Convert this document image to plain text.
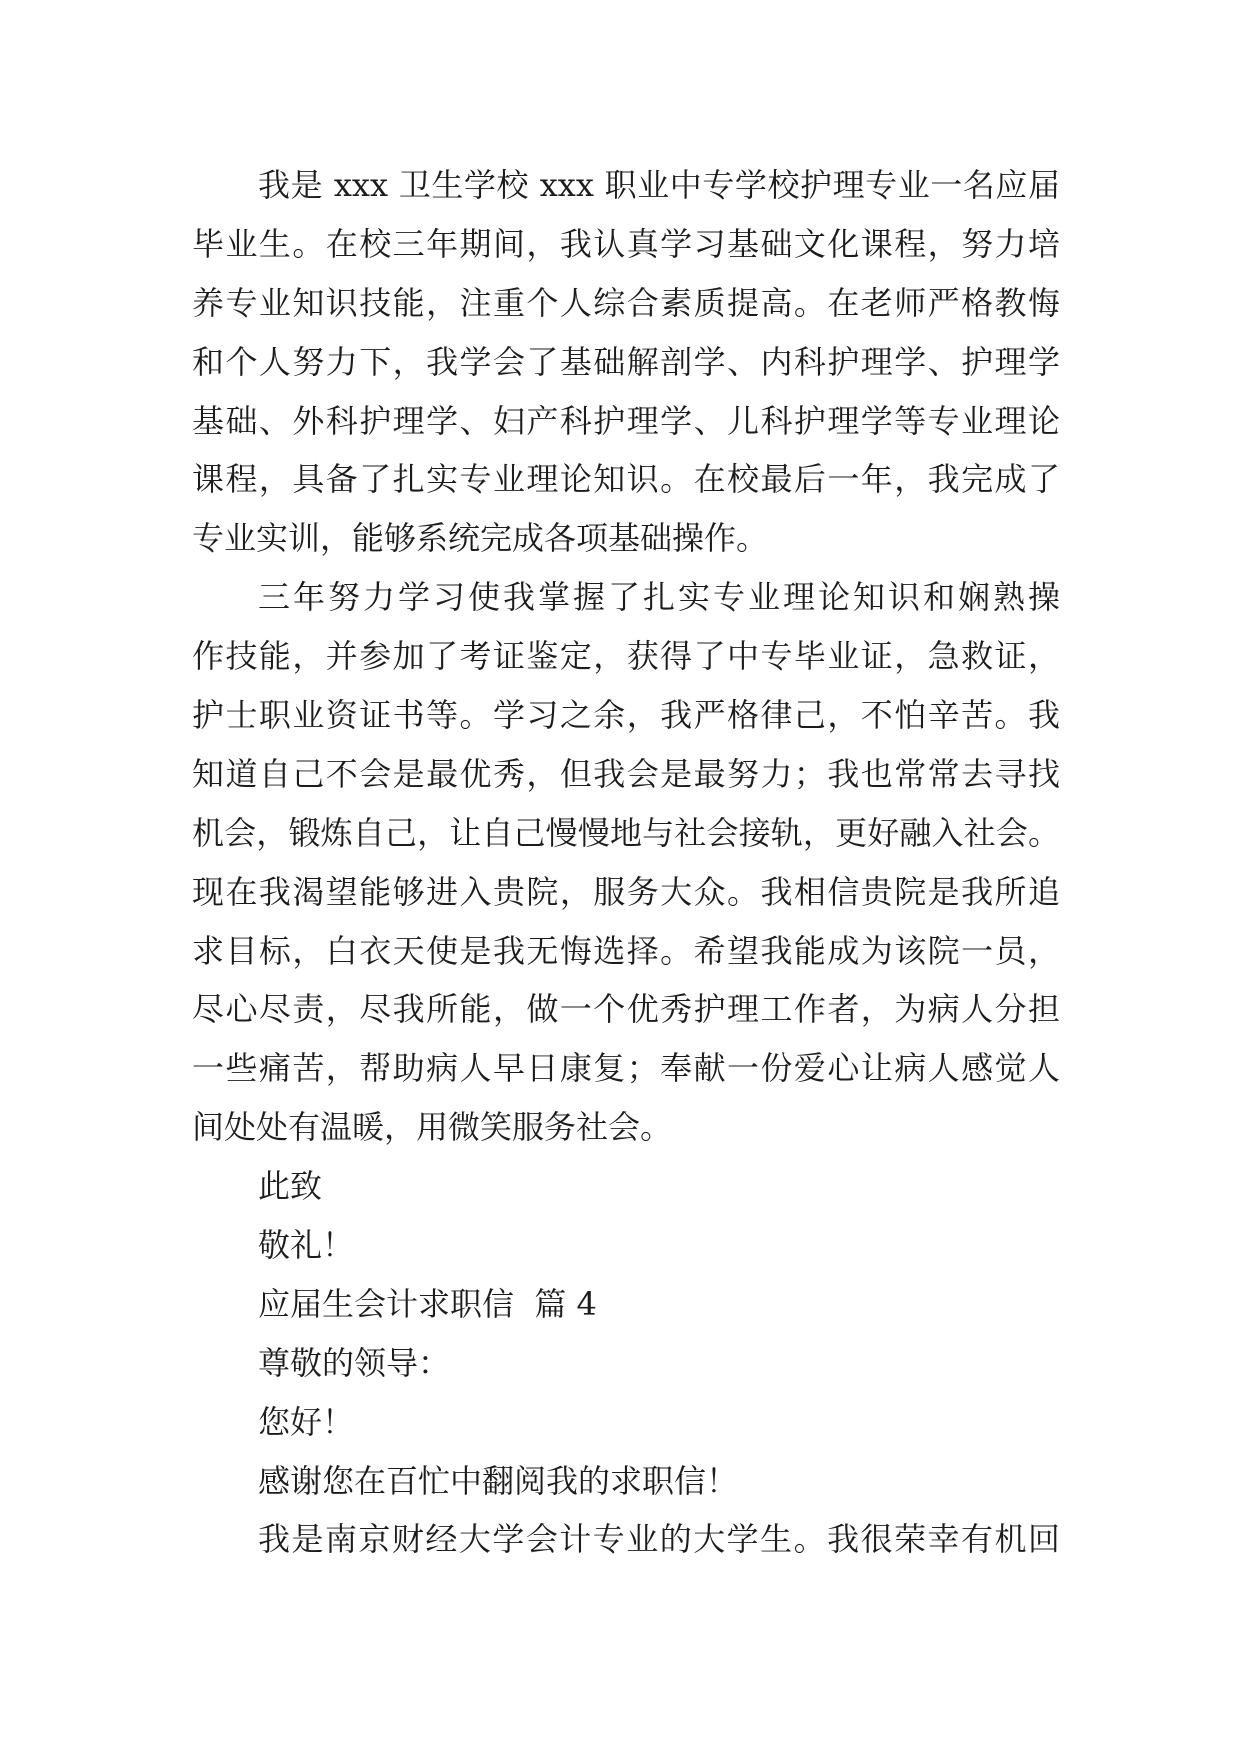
我是 xxx 卫生学校 xxx 职业中专学校护理专业一名应届
毕业生。在校三年期间，我认真学习基础文化课程，努力培
养专业知识技能，注重个人综合素质提高。在老师严格教悔
和个人努力下，我学会了基础解剖学、内科护理学、护理学
基础、外科护理学、妇产科护理学、儿科护理学等专业理论
课程，具备了扎实专业理论知识。在校最后一年，我完成了
专业实训，能够系统完成各项基础操作。
三年努力学习使我掌握了扎实专业理论知识和娴熟操
作技能，并参加了考证鉴定，获得了中专毕业证，急救证，
护士职业资证书等。学习之余，我严格律己，不怕辛苦。我
知道自己不会是最优秀，但我会是最努力；我也常常去寻找
机会，锻炼自己，让自己慢慢地与社会接轨，更好融入社会。
现在我渴望能够进入贵院，服务大众。我相信贵院是我所追
求目标，白衣天使是我无悔选择。希望我能成为该院一员，
尽心尽责，尽我所能，做一个优秀护理工作者，为病人分担
一些痛苦，帮助病人早日康复；奉献一份爱心让病人感觉人
间处处有温暖，用微笑服务社会。
此致
敬礼！
应届生会计求职信  篇 4
尊敬的领导：
您好！
感谢您在百忙中翻阅我的求职信！
我是南京财经大学会计专业的大学生。我很荣幸有机回
